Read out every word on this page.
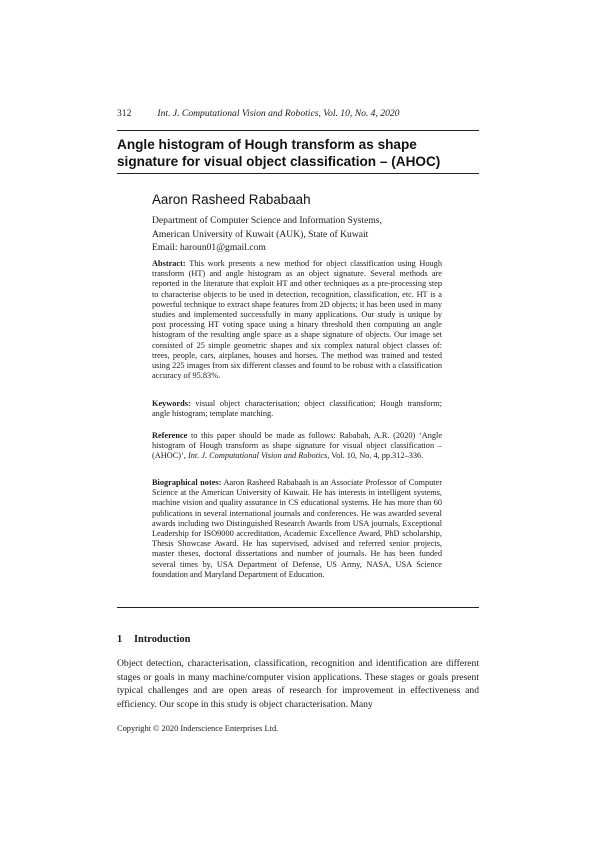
312	Int. J. Computational Vision and Robotics, Vol. 10, No. 4, 2020
Angle histogram of Hough transform as shape signature for visual object classification – (AHOC)
Aaron Rasheed Rababaah
Department of Computer Science and Information Systems,
American University of Kuwait (AUK), State of Kuwait
Email: haroun01@gmail.com
Abstract: This work presents a new method for object classification using Hough transform (HT) and angle histogram as an object signature. Several methods are reported in the literature that exploit HT and other techniques as a pre-processing step to characterise objects to be used in detection, recognition, classification, etc. HT is a powerful technique to extract shape features from 2D objects; it has been used in many studies and implemented successfully in many applications. Our study is unique by post processing HT voting space using a binary threshold then computing an angle histogram of the resulting angle space as a shape signature of objects. Our image set consisted of 25 simple geometric shapes and six complex natural object classes of: trees, people, cars, airplanes, houses and horses. The method was trained and tested using 225 images from six different classes and found to be robust with a classification accuracy of 95.83%.
Keywords: visual object characterisation; object classification; Hough transform; angle histogram; template matching.
Reference to this paper should be made as follows: Rababah, A.R. (2020) ‘Angle histogram of Hough transform as shape signature for visual object classification – (AHOC)’, Int. J. Computational Vision and Robotics, Vol. 10, No. 4, pp.312–336.
Biographical notes: Aaron Rasheed Rababaah is an Associate Professor of Computer Science at the American University of Kuwait. He has interests in intelligent systems, machine vision and quality assurance in CS educational systems. He has more than 60 publications in several international journals and conferences. He was awarded several awards including two Distinguished Research Awards from USA journals, Exceptional Leadership for ISO9000 accreditation, Academic Excellence Award, PhD scholarship, Thesis Showcase Award. He has supervised, advised and referred senior projects, master theses, doctoral dissertations and number of journals. He has been funded several times by, USA Department of Defense, US Army, NASA, USA Science foundation and Maryland Department of Education.
1 Introduction
Object detection, characterisation, classification, recognition and identification are different stages or goals in many machine/computer vision applications. These stages or goals present typical challenges and are open areas of research for improvement in effectiveness and efficiency. Our scope in this study is object characterisation. Many
Copyright © 2020 Inderscience Enterprises Ltd.
